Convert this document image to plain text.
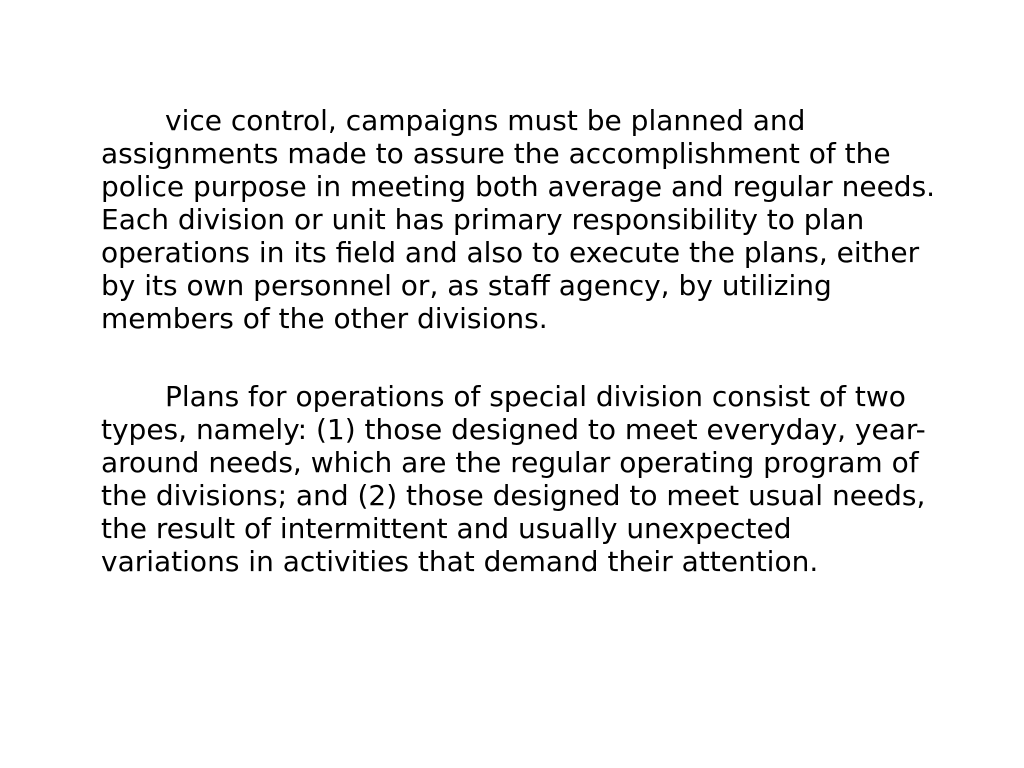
vice control, campaigns must be planned and
assignments made to assure the accomplishment of the
police purpose in meeting both average and regular needs.
Each division or unit has primary responsibility to plan
operations in its field and also to execute the plans, either
by its own personnel or, as staff agency, by utilizing
members of the other divisions.
Plans for operations of special division consist of two
types, namely: (1) those designed to meet everyday, year-
around needs, which are the regular operating program of
the divisions; and (2) those designed to meet usual needs,
the result of intermittent and usually unexpected
variations in activities that demand their attention.
